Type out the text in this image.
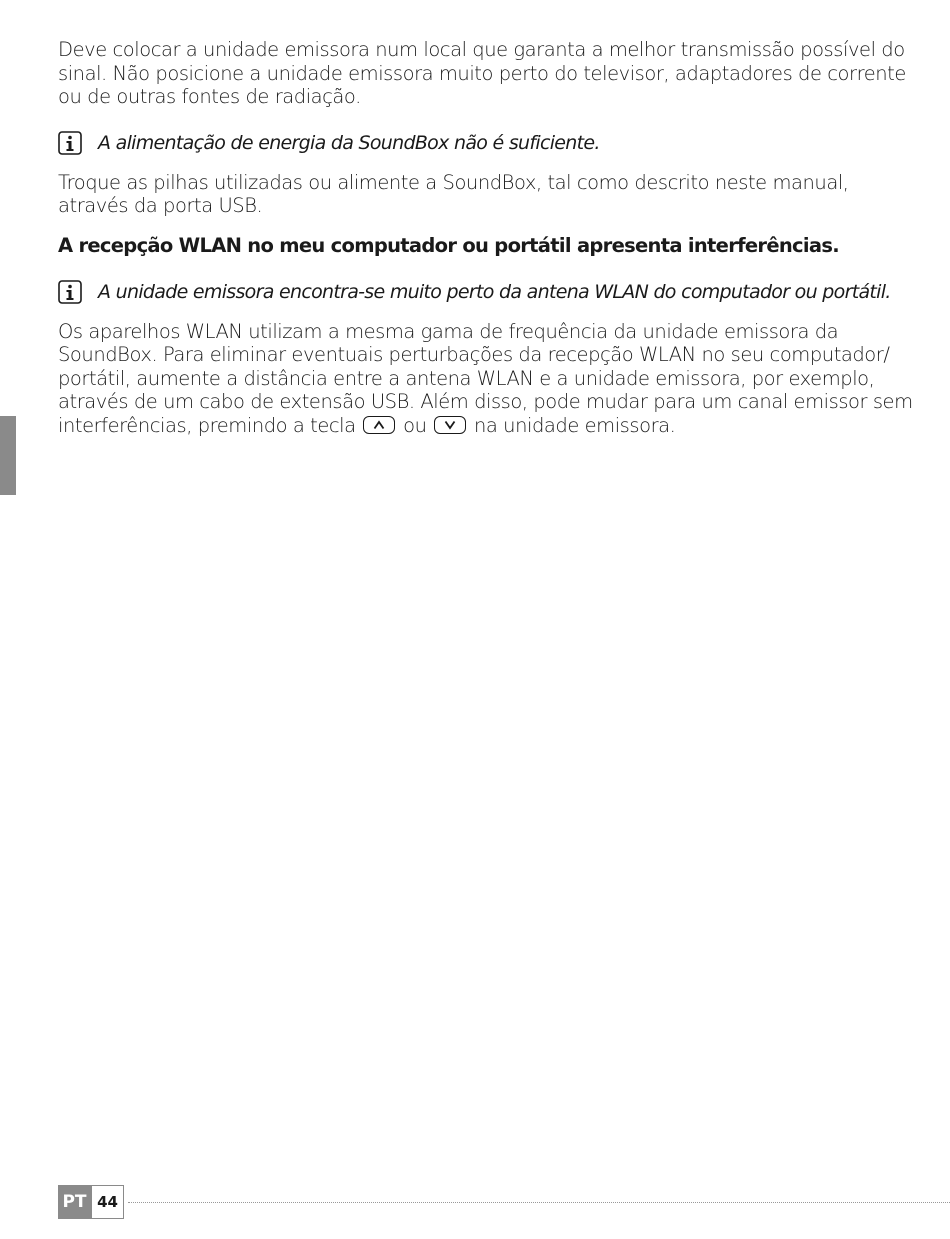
Deve colocar a unidade emissora num local que garanta a melhor transmissão possível do sinal. Não posicione a unidade emissora muito perto do televisor, adaptadores de corrente ou de outras fontes de radiação.

A alimentação de energia da SoundBox não é suficiente.

Troque as pilhas utilizadas ou alimente a SoundBox, tal como descrito neste manual, através da porta USB.

A recepção WLAN no meu computador ou portátil apresenta interferências.
A unidade emissora encontra-se muito perto da antena WLAN do computador ou portátil.

Os aparelhos WLAN utilizam a mesma gama de frequência da unidade emissora da SoundBox. Para eliminar eventuais perturbações da recepção WLAN no seu computador/ portátil, aumente a distância entre a antena WLAN e a unidade emissora, por exemplo, através de um cabo de extensão USB. Além disso, pode mudar para um canal emissor sem interferências, premindo a tecla ou na unidade emissora.

PT 44
